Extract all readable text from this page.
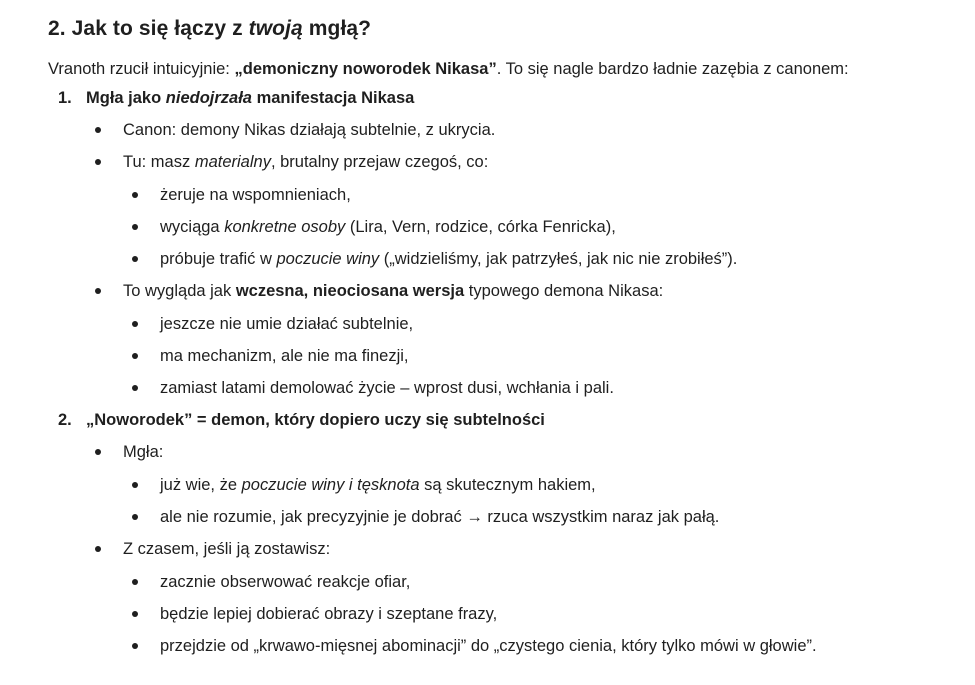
2. Jak to się łączy z twoją mgłą?

Vranoth rzucił intuicyjnie: „demoniczny noworodek Nikasa”. To się nagle bardzo ładnie zazębia z canonem:

1. Mgła jako niedojrzała manifestacja Nikasa
Canon: demony Nikas działają subtelnie, z ukrycia.
Tu: masz materialny, brutalny przejaw czegoś, co:
żeruje na wspomnieniach,
wyciąga konkretne osoby (Lira, Vern, rodzice, córka Fenricka),
próbuje trafić w poczucie winy („widzieliśmy, jak patrzyłeś, jak nic nie zrobiłeś”).
To wygląda jak wczesna, nieociosana wersja typowego demona Nikasa:
jeszcze nie umie działać subtelnie,
ma mechanizm, ale nie ma finezji,
zamiast latami demolować życie – wprost dusi, wchłania i pali.
2. „Noworodek” = demon, który dopiero uczy się subtelności
Mgła:
już wie, że poczucie winy i tęsknota są skutecznym hakiem,
ale nie rozumie, jak precyzyjnie je dobrać → rzuca wszystkim naraz jak pałą.
Z czasem, jeśli ją zostawisz:
zacznie obserwować reakcje ofiar,
będzie lepiej dobierać obrazy i szeptane frazy,
przejdzie od „krwawo-mięsnej abominacji” do „czystego cienia, który tylko mówi w głowie”.
